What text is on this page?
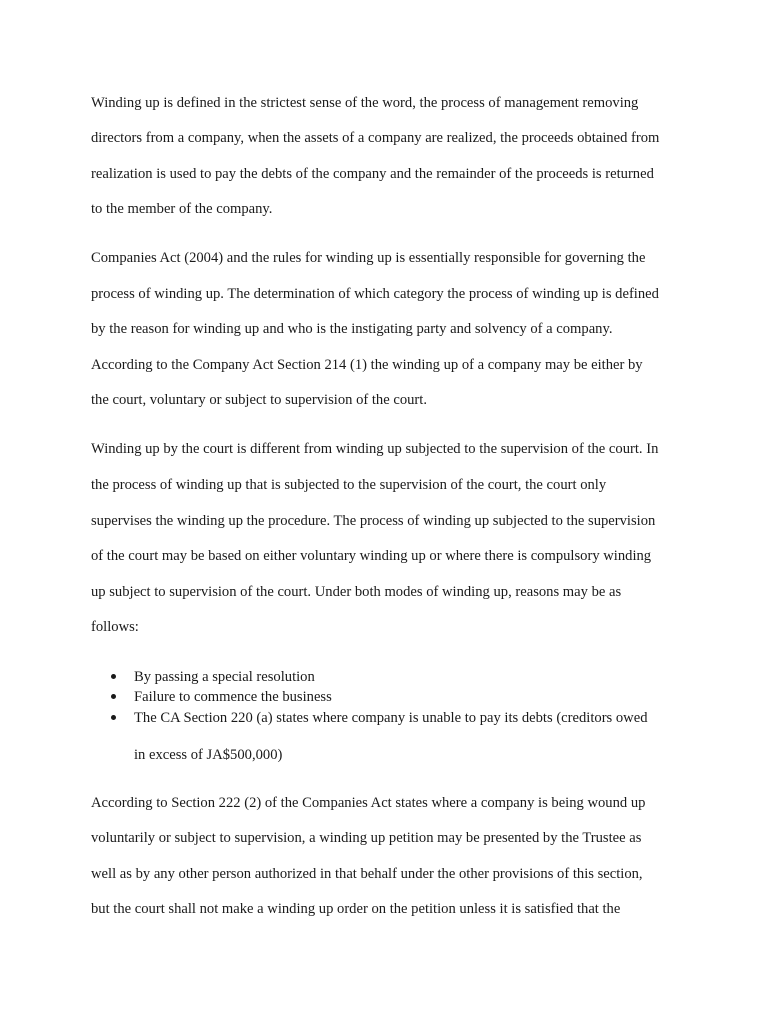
Winding up is defined in the strictest sense of the word, the process of management removing

directors from a company, when the assets of a company are realized, the proceeds obtained from

realization is used to pay the debts of the company and the remainder of the proceeds is returned

to the member of the company.

Companies Act (2004) and the rules for winding up is essentially responsible for governing the

process of winding up. The determination of which category the process of winding up is defined

by the reason for winding up and who is the instigating party and solvency of a company.

According to the Company Act Section 214 (1) the winding up of a company may be either by

the court, voluntary or subject to supervision of the court.

Winding up by the court is different from winding up subjected to the supervision of the court. In

the process of winding up that is subjected to the supervision of the court, the court only

supervises the winding up the procedure. The process of winding up subjected to the supervision

of the court may be based on either voluntary winding up or where there is compulsory winding

up subject to supervision of the court. Under both modes of winding up, reasons may be as

follows:

By passing a special resolution

Failure to commence the business

The CA Section 220 (a) states where company is unable to pay its debts (creditors owed

in excess of JA$500,000)

According to Section 222 (2) of the Companies Act states where a company is being wound up

voluntarily or subject to supervision, a winding up petition may be presented by the Trustee as

well as by any other person authorized in that behalf under the other provisions of this section,

but the court shall not make a winding up order on the petition unless it is satisfied that the
